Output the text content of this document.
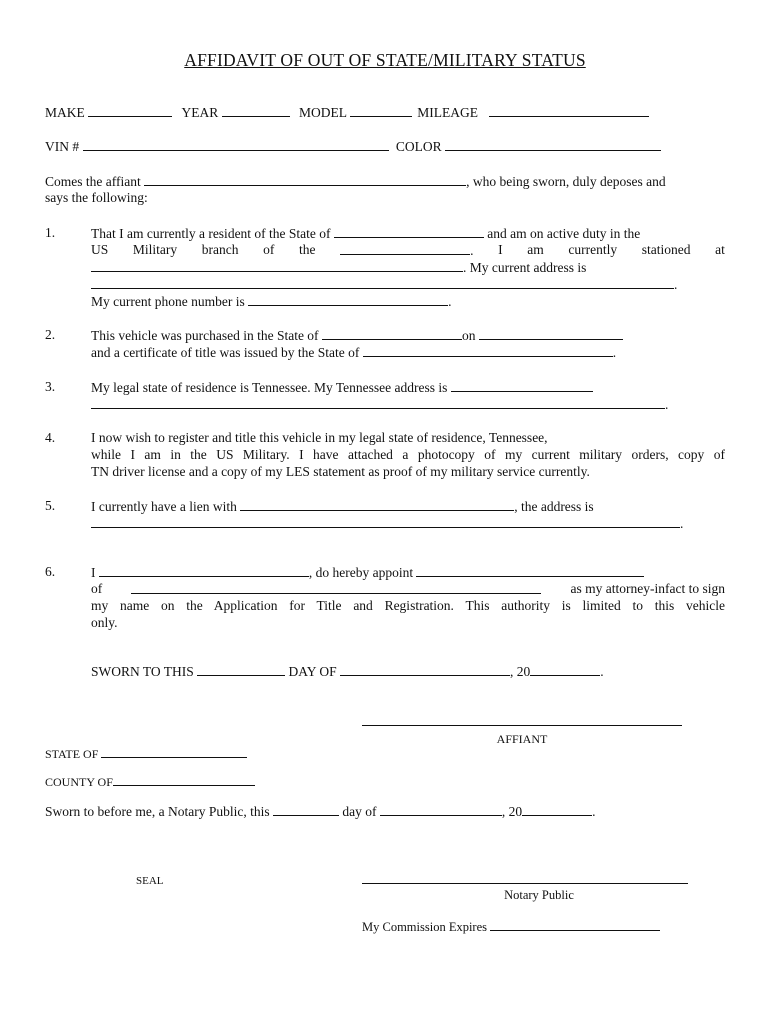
AFFIDAVIT OF OUT OF STATE/MILITARY STATUS
MAKE	YEAR	MODEL	MILEAGE
VIN #	COLOR
Comes the affiant	, who being sworn, duly deposes and
says the following:
1.	That I am currently a resident of the State of	and am on active duty in the
US Military branch of the	. I am currently stationed at
. My current address is
.
My current phone number is	.
2.	This vehicle was purchased in the State of	on
and a certificate of title was issued by the State of	.
3.	My legal state of residence is Tennessee. My Tennessee address is
.
4.	I now wish to register and title this vehicle in my legal state of residence, Tennessee,
while I am in the US Military. I have attached a photocopy of my current military orders, copy of
TN driver license and a copy of my LES statement as proof of my military service currently.
5.	I currently have a lien with	, the address is
.
6.	I	, do hereby appoint
of	as my attorney-infact to sign
my name on the Application for Title and Registration. This authority is limited to this vehicle
only.
SWORN TO THIS	DAY OF	, 20	.
AFFIANT
STATE OF
COUNTY OF
Sworn to before me, a Notary Public, this	day of	, 20	.
SEAL
Notary Public
My Commission Expires
